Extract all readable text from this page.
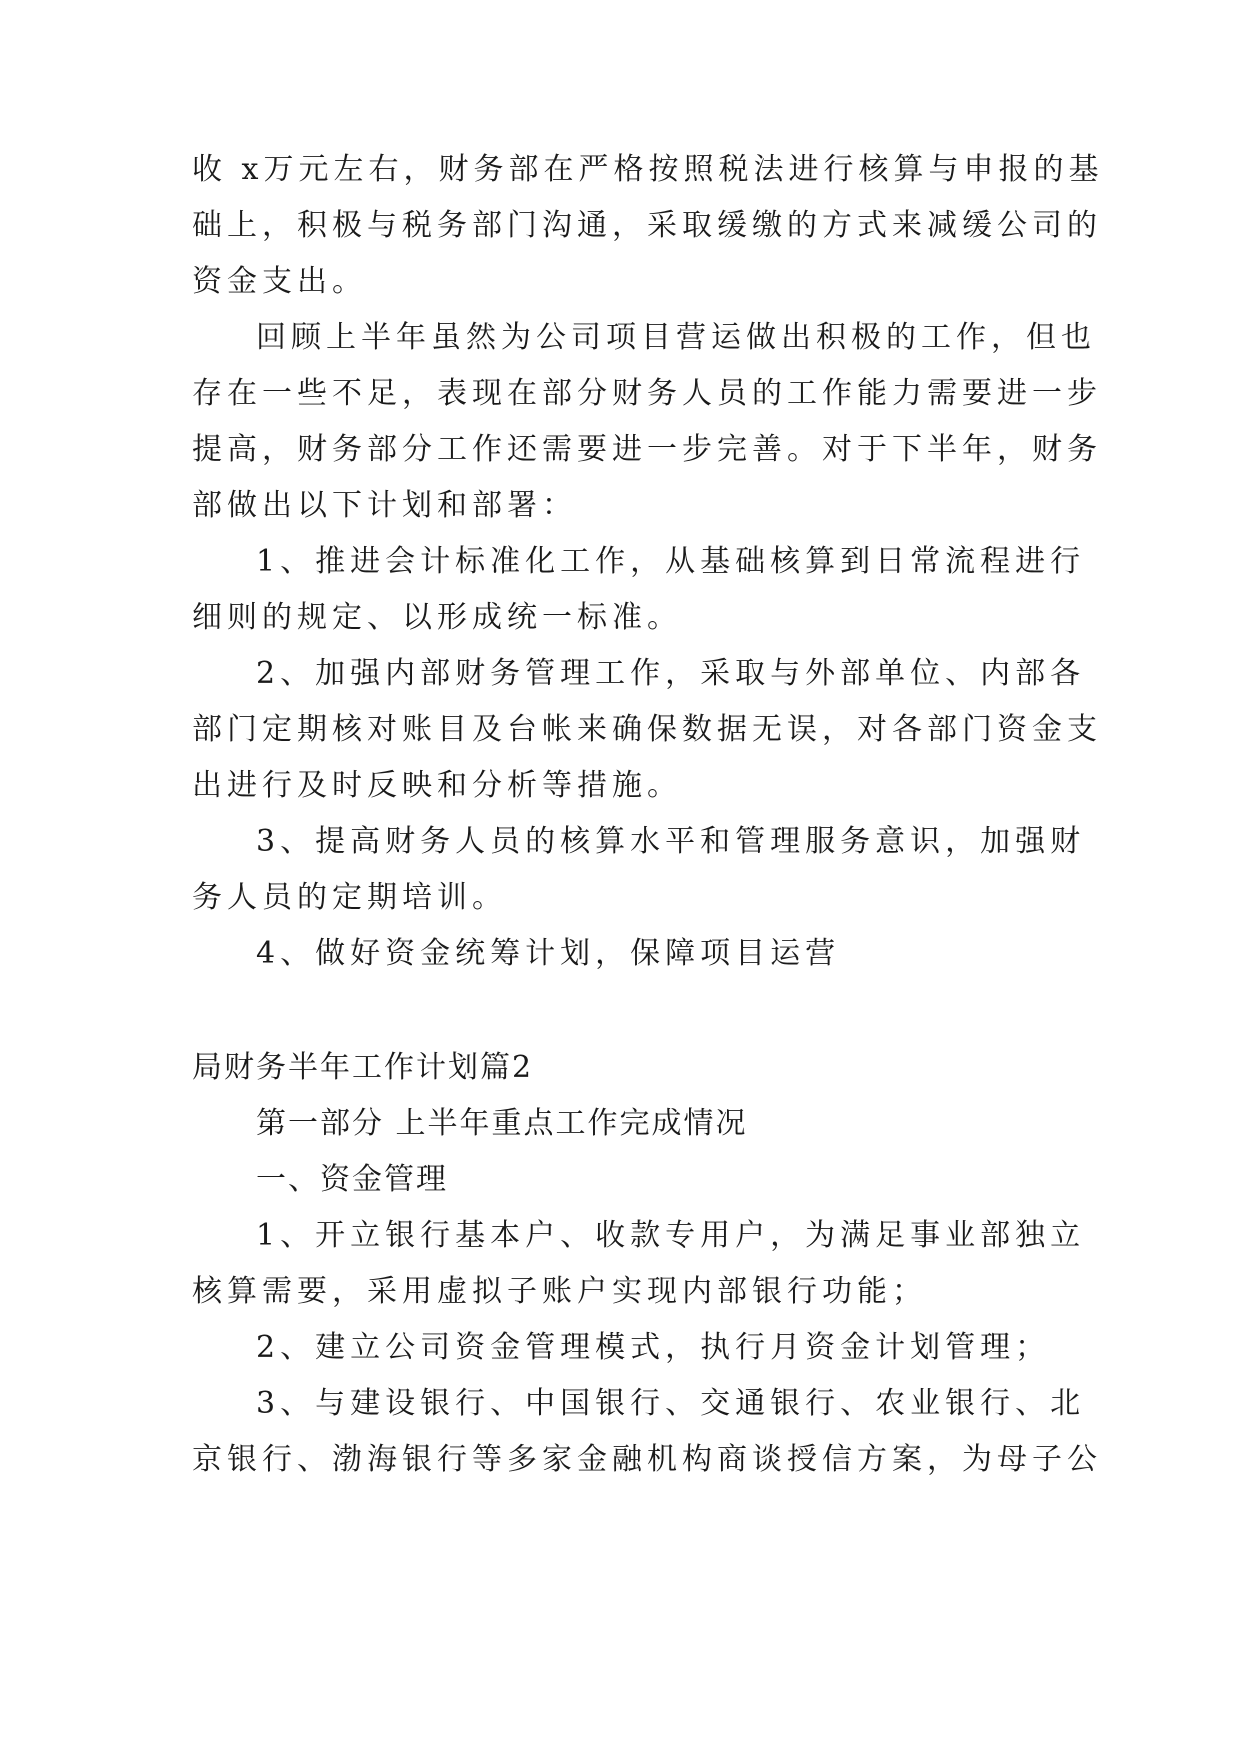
收 x万元左右，财务部在严格按照税法进行核算与申报的基
础上，积极与税务部门沟通，采取缓缴的方式来减缓公司的
资金支出。
回顾上半年虽然为公司项目营运做出积极的工作，但也
存在一些不足，表现在部分财务人员的工作能力需要进一步
提高，财务部分工作还需要进一步完善。对于下半年，财务
部做出以下计划和部署：
1、推进会计标准化工作，从基础核算到日常流程进行
细则的规定、以形成统一标准。
2、加强内部财务管理工作，采取与外部单位、内部各
部门定期核对账目及台帐来确保数据无误，对各部门资金支
出进行及时反映和分析等措施。
3、提高财务人员的核算水平和管理服务意识，加强财
务人员的定期培训。
4、做好资金统筹计划，保障项目运营
局财务半年工作计划篇2
第一部分 上半年重点工作完成情况
一、资金管理
1、开立银行基本户、收款专用户，为满足事业部独立
核算需要，采用虚拟子账户实现内部银行功能；
2、建立公司资金管理模式，执行月资金计划管理；
3、与建设银行、中国银行、交通银行、农业银行、北
京银行、渤海银行等多家金融机构商谈授信方案，为母子公
